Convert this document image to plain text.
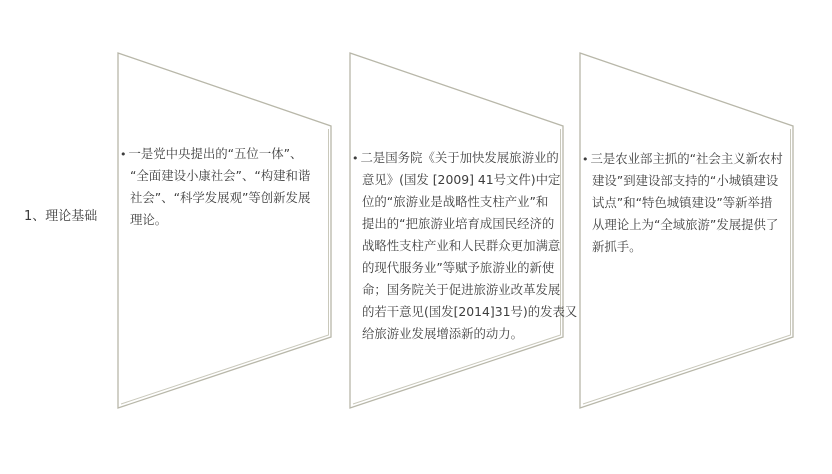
1、理论基础
• 一是党中央提出的“五位一体”、
“全面建设小康社会”、“构建和谐
社会”、“科学发展观”等创新发展
理论。
• 二是国务院《关于加快发展旅游业的
意见》(国发 [2009] 41号文件)中定
位的“旅游业是战略性支柱产业”和
提出的“把旅游业培育成国民经济的
战略性支柱产业和人民群众更加满意
的现代服务业”等赋予旅游业的新使
命；国务院关于促进旅游业改革发展
的若干意见(国发[2014]31号)的发表又
给旅游业发展增添新的动力。
• 三是农业部主抓的“社会主义新农村
建设”到建设部支持的“小城镇建设
试点”和“特色城镇建设”等新举措
从理论上为“全域旅游”发展提供了
新抓手。
